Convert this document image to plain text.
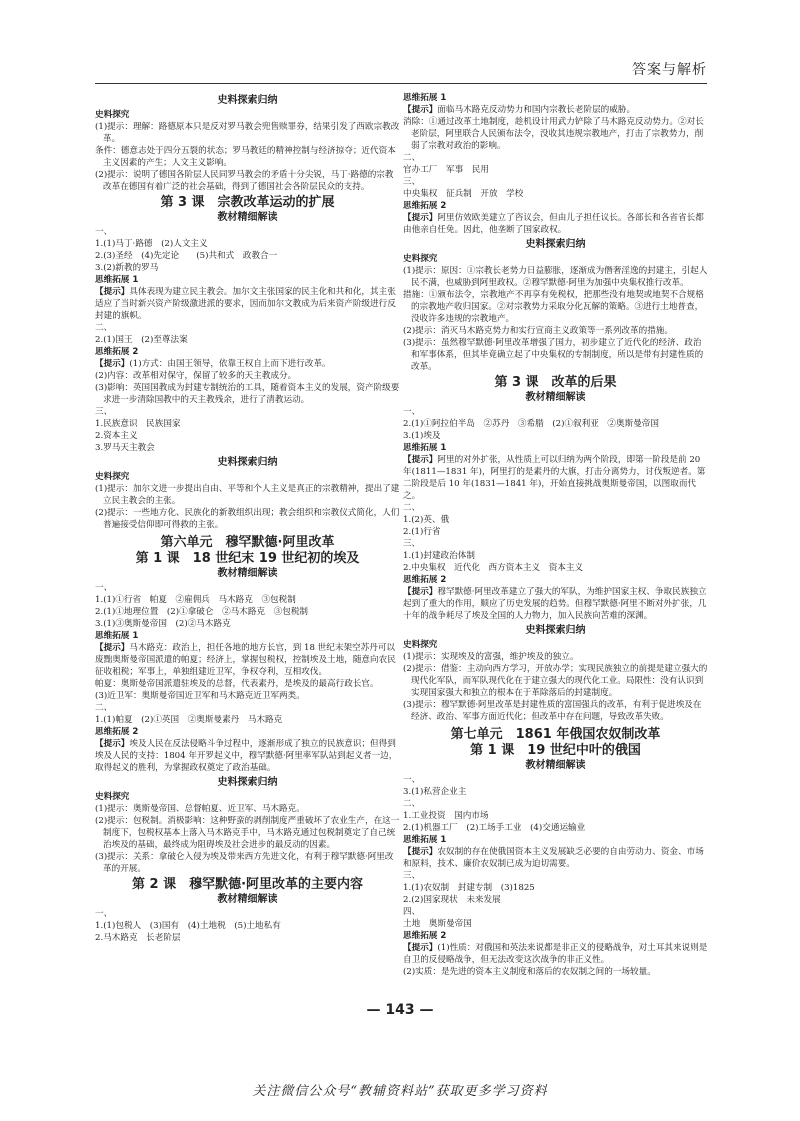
答案与解析
史料探索归纳
史料探究

(1)提示：理解：路德原本只是反对罗马教会兜售赎罪券，结果引发了西欧宗教改革。

条件：德意志处于四分五裂的状态；罗马教廷的精神控制与经济掠夺；近代资本主义因素的产生；人文主义影响。

(2)提示：说明了德国各阶层人民同罗马教会的矛盾十分尖锐，马丁·路德的宗教改革在德国有着广泛的社会基础，得到了德国社会各阶层民众的支持。

第 3 课　宗教改革运动的扩展
教材精细解读

一、

1.(1)马丁·路德　(2)人文主义

2.(3)圣经　(4)先定论　　(5)共和式　政教合一

3.(2)新教的罗马

思维拓展 1

【提示】具体表现为建立民主教会。加尔文主张国家的民主化和共和化，其主张适应了当时新兴资产阶级激进派的要求，因而加尔文教成为后来资产阶级进行反封建的旗帜。

二、

2.(1)国王　(2)至尊法案

思维拓展 2

【提示】(1)方式：由国王领导，依靠王权自上而下进行改革。

(2)内容：改革相对保守，保留了较多的天主教成分。

(3)影响：英国国教成为封建专制统治的工具，随着资本主义的发展，资产阶级要求进一步清除国教中的天主教残余，进行了清教运动。

三、

1.民族意识　民族国家

2.资本主义

3.罗马天主教会

史料探索归纳
史料探究

(1)提示：加尔文进一步提出自由、平等和个人主义是真正的宗教精神，提出了建立民主教会的主张。

(2)提示：一些地方化、民族化的新教组织出现；教会组织和宗教仪式简化，人们普遍接受信仰即可得救的主张。

第六单元　穆罕默德·阿里改革
第 1 课　18 世纪末 19 世纪初的埃及
教材精细解读

一、

1.(1)①行省　帕夏　②雇佣兵　马木路克　③包税制

2.(1)①地理位置　(2)①拿破仑　②马木路克　③包税制

3.(1)③奥斯曼帝国　(2)②马木路克

思维拓展 1

【提示】马木路克：政治上，担任各地的地方长官，到 18 世纪末架空苏丹可以废黜奥斯曼帝国派遣的帕夏；经济上，掌握包税权，控制埃及土地，随意向农民征收租税；军事上，单独组建近卫军，争权夺利，互相攻伐。

帕夏：奥斯曼帝国派遣驻埃及的总督，代表素丹，是埃及的最高行政长官。

(3)近卫军：奥斯曼帝国近卫军和马木路克近卫军两类。

二、

1.(1)帕夏　(2)①英国　②奥斯曼素丹　马木路克

思维拓展 2

【提示】埃及人民在反法侵略斗争过程中，逐渐形成了独立的民族意识；但得到埃及人民的支持：1804 年开罗起义中，穆罕默德·阿里率军队站到起义者一边，取得起义的胜利，为掌握政权奠定了政治基础。

史料探索归纳
史料探究

(1)提示：奥斯曼帝国、总督帕夏、近卫军、马木路克。

(2)提示：包税制。消极影响：这种野蛮的剥削制度严重破坏了农业生产，在这一制度下，包税权基本上落入马木路克手中，马木路克通过包税制奠定了自己统治埃及的基础，最终成为阻碍埃及社会进步的最反动的因素。

(3)提示：关系：拿破仑入侵为埃及带来西方先进文化，有利于穆罕默德·阿里改革的开展。

第 2 课　穆罕默德·阿里改革的主要内容
教材精细解读

一、

1.(1)包税人　(3)国有　(4)土地税　(5)土地私有

2.马木路克　长老阶层

思维拓展 1

【提示】面临马木路克反动势力和国内宗教长老阶层的威胁。

消除：①通过改革土地制度，趁机设计用武力铲除了马木路克反动势力。②对长老阶层，阿里联合人民颁布法令，没收其违规宗教地产，打击了宗教势力，削弱了宗教对政治的影响。

二、

官办工厂　军事　民用

三、

中央集权　征兵制　开放　学校

思维拓展 2

【提示】阿里仿效欧美建立了咨议会，但由儿子担任议长。各部长和各省省长都由他亲自任免。因此，他垄断了国家政权。

史料探索归纳
史料探究

(1)提示：原因：①宗教长老势力日益膨胀，逐渐成为僭奢淫逸的封建主，引起人民不满，也威胁到阿里政权。②穆罕默德·阿里为加强中央集权推行改革。

措施：①颁布法令，宗教地产不再享有免税权，把那些没有地契或地契不合规格的宗教地产收归国家。②对宗教势力采取分化瓦解的策略。③进行土地普查，没收许多违规的宗教地产。

(2)提示：消灭马木路克势力和实行宣商主义政策等一系列改革的措施。

(3)提示：虽然穆罕默德·阿里改革增强了国力，初步建立了近代化的经济、政治和军事体系，但其毕竟确立起了中央集权的专制制度，所以是带有封建性质的改革。

第 3 课　改革的后果
教材精细解读

一、

2.(1)①阿拉伯半岛　②苏丹　③希腊　(2)①叙利亚　②奥斯曼帝国

3.(1)埃及

思维拓展 1

【提示】阿里的对外扩张，从性质上可以归纳为两个阶段，即第一阶段是前 20 年(1811—1831 年)，阿里打的是素丹的大旗，打击分离势力，讨伐叛逆者。第二阶段是后 10 年(1831—1841 年)，开始直接挑战奥斯曼帝国，以图取而代之。

二、

1.(2)英、俄

2.(1)行省

三、

1.(1)封建政治体制

2.中央集权　近代化　西方资本主义　资本主义

思维拓展 2

【提示】穆罕默德·阿里改革建立了强大的军队，为维护国家主权、争取民族独立起到了重大的作用，顺应了历史发展的趋势。但穆罕默德·阿里不断对外扩张，几十年的战争耗尽了埃及全国的人力物力，加入民族向苦难的深渊。

史料探索归纳
史料探究

(1)提示：实现埃及的富强，维护埃及的独立。

(2)提示：借鉴：主动向西方学习，开放办学；实现民族独立的前提是建立强大的现代化军队，而军队现代化在于建立强大的现代化工业。局限性：没有认识到实现国家强大和独立的根本在于革除落后的封建制度。

(3)提示：穆罕默德·阿里改革是封建性质的富国强兵的改革，有利于促进埃及在经济、政治、军事方面近代化；但改革中存在问题，导致改革失败。

第七单元　1861 年俄国农奴制改革
第 1 课　19 世纪中叶的俄国
教材精细解读

一、

3.(1)私营企业主

二、

1.工业投资　国内市场

2.(1)机器工厂　(2)工场手工业　(4)交通运输业

思维拓展 1

【提示】农奴制的存在使俄国资本主义发展缺乏必要的自由劳动力、资金、市场和原料，技术、廉价农奴制已成为迫切需要。

三、

1.(1)农奴制　封建专制　(3)1825

2.(2)国家现状　未来发展

四、

土地　奥斯曼帝国

思维拓展 2

【提示】(1)性质：对俄国和英法来说都是非正义的侵略战争，对土耳其来说则是自卫的反侵略战争，但无法改变这次战争的非正义性。

(2)实质：是先进的资本主义制度和落后的农奴制之间的一场较量。

— 143 —
关注微信公众号“教辅资料站”获取更多学习资料
